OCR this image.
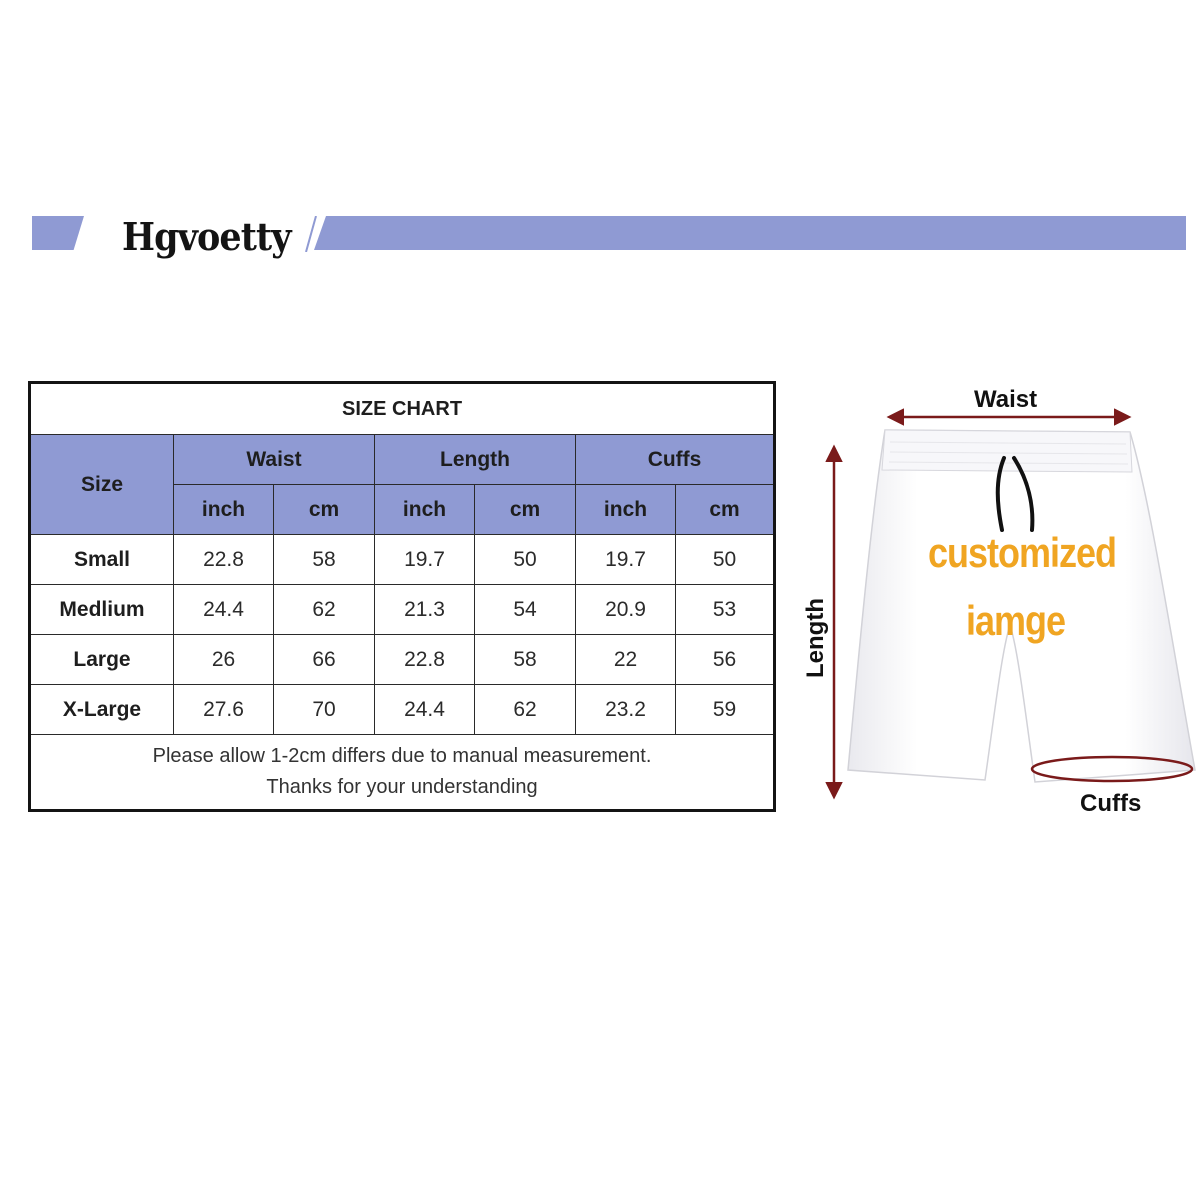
Hgvoetty
SIZE CHART						
Size	Waist		Length		Cuffs	
	inch	cm	inch	cm	inch	cm
Small	22.8	58	19.7	50	19.7	50
Medlium	24.4	62	21.3	54	20.9	53
Large	26	66	22.8	58	22	56
X-Large	27.6	70	24.4	62	23.2	59

Please allow 1-2cm differs due to manual measurement.
Thanks for your understanding						
Waist
Length
Cuffs
customized
iamge
